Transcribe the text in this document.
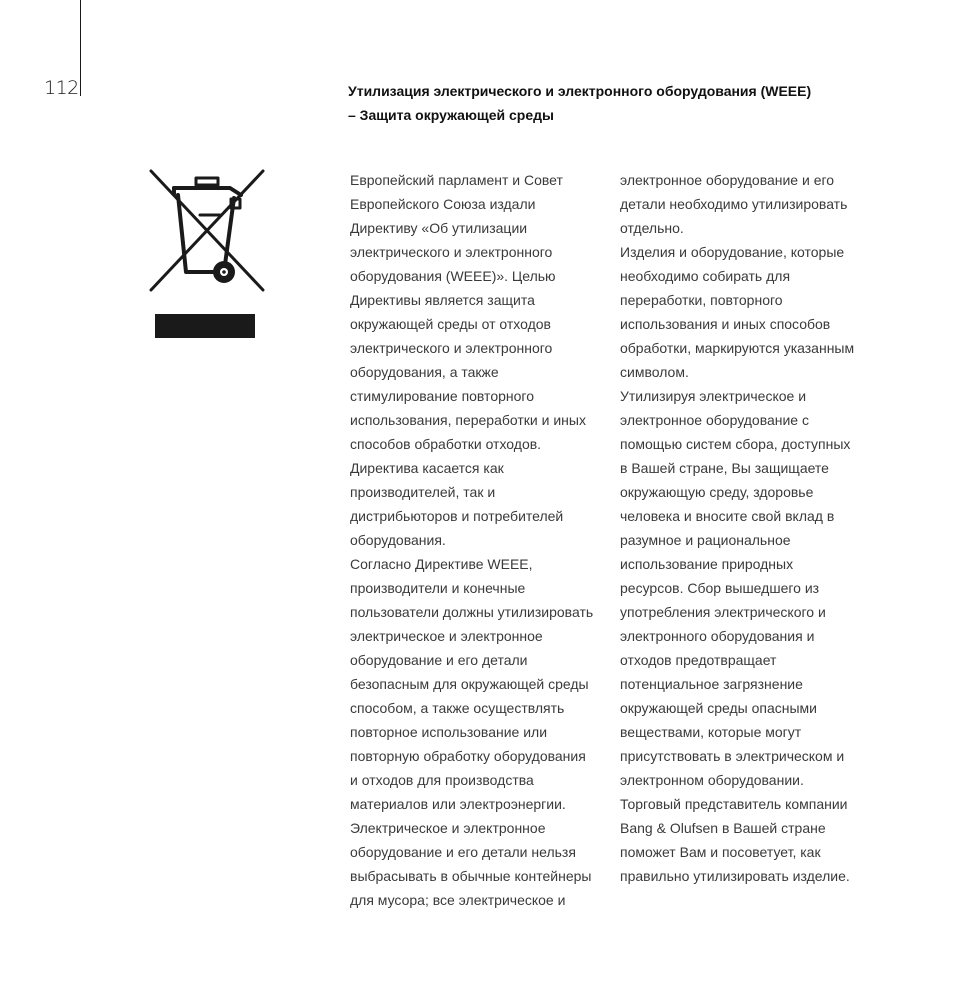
112	Утилизация электрического и электронного оборудования (WEEE)
– Защита окружающей среды
Европейский парламент и Совет
Европейского Союза издали
Директиву «Об утилизации
электрического и электронного
оборудования (WEEE)». Целью
Директивы является защита
окружающей среды от отходов
электрического и электронного
оборудования, а также
стимулирование повторного
использования, переработки и иных
способов обработки отходов.
Директива касается как
производителей, так и
дистрибьюторов и потребителей
оборудования.
Согласно Директиве WEEE,
производители и конечные
пользователи должны утилизировать
электрическое и электронное
оборудование и его детали
безопасным для окружающей среды
способом, а также осуществлять
повторное использование или
повторную обработку оборудования
и отходов для производства
материалов или электроэнергии.
Электрическое и электронное
оборудование и его детали нельзя
выбрасывать в обычные контейнеры
для мусора; все электрическое и
электронное оборудование и его
детали необходимо утилизировать
отдельно.
Изделия и оборудование, которые
необходимо собирать для
переработки, повторного
использования и иных способов
обработки, маркируются указанным
символом.
Утилизируя электрическое и
электронное оборудование с
помощью систем сбора, доступных
в Вашей стране, Вы защищаете
окружающую среду, здоровье
человека и вносите свой вклад в
разумное и рациональное
использование природных
ресурсов. Сбор вышедшего из
употребления электрического и
электронного оборудования и
отходов предотвращает
потенциальное загрязнение
окружающей среды опасными
веществами, которые могут
присутствовать в электрическом и
электронном оборудовании.
Торговый представитель компании
Bang & Olufsen в Вашей стране
поможет Вам и посоветует, как
правильно утилизировать изделие.
